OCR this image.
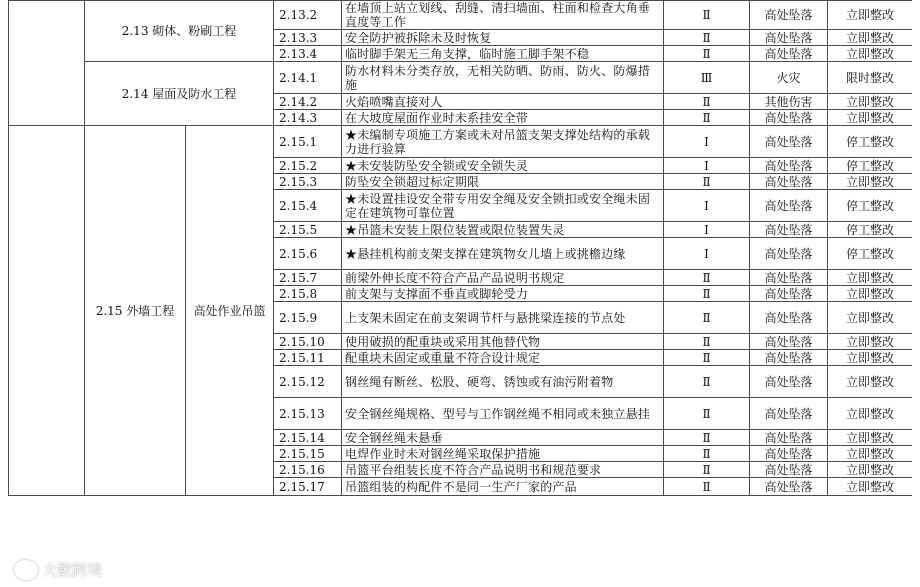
	2.13 砌体、粉刷工程		2.13.2	在墙顶上站立划线、刮缝、清扫墙面、柱面和检查大角垂直度等工作	Ⅱ	高处坠落	立即整改
			2.13.3	安全防护被拆除未及时恢复	Ⅱ	高处坠落	立即整改
			2.13.4	临时脚手架无三角支撑，临时施工脚手架不稳	Ⅱ	高处坠落	立即整改
	2.14 屋面及防水工程		2.14.1	防水材料未分类存放，无相关防晒、防雨、防火、防爆措施	Ⅲ	火灾	限时整改
			2.14.2	火焰喷嘴直接对人	Ⅱ	其他伤害	立即整改
			2.14.3	在大坡度屋面作业时未系挂安全带	Ⅱ	高处坠落	立即整改
	2.15 外墙工程	高处作业吊篮	2.15.1	★未编制专项施工方案或未对吊篮支架支撑处结构的承载力进行验算	Ⅰ	高处坠落	停工整改
			2.15.2	★未安装防坠安全锁或安全锁失灵	Ⅰ	高处坠落	停工整改
			2.15.3	防坠安全锁超过标定期限	Ⅱ	高处坠落	立即整改
			2.15.4	★未设置挂设安全带专用安全绳及安全锁扣或安全绳未固定在建筑物可靠位置	Ⅰ	高处坠落	停工整改
			2.15.5	★吊篮未安装上限位装置或限位装置失灵	Ⅰ	高处坠落	停工整改
			2.15.6	★悬挂机构前支架支撑在建筑物女儿墙上或挑檐边缘	Ⅰ	高处坠落	停工整改
			2.15.7	前梁外伸长度不符合产品产品说明书规定	Ⅱ	高处坠落	立即整改
			2.15.8	前支架与支撑面不垂直或脚轮受力	Ⅱ	高处坠落	立即整改
			2.15.9	上支架未固定在前支架调节杆与悬挑梁连接的节点处	Ⅱ	高处坠落	立即整改
			2.15.10	使用破损的配重块或采用其他替代物	Ⅱ	高处坠落	立即整改
			2.15.11	配重块未固定或重量不符合设计规定	Ⅱ	高处坠落	立即整改
			2.15.12	钢丝绳有断丝、松股、硬弯、锈蚀或有油污附着物	Ⅱ	高处坠落	立即整改
			2.15.13	安全钢丝绳规格、型号与工作钢丝绳不相同或未独立悬挂	Ⅱ	高处坠落	立即整改
			2.15.14	安全钢丝绳未悬垂	Ⅱ	高处坠落	立即整改
			2.15.15	电焊作业时未对钢丝绳采取保护措施	Ⅱ	高处坠落	立即整改
			2.15.16	吊篮平台组装长度不符合产品说明书和规范要求	Ⅱ	高处坠落	立即整改
			2.15.17	吊篮组装的构配件不是同一生产厂家的产品	Ⅱ	高处坠落	立即整改
大數跨境
